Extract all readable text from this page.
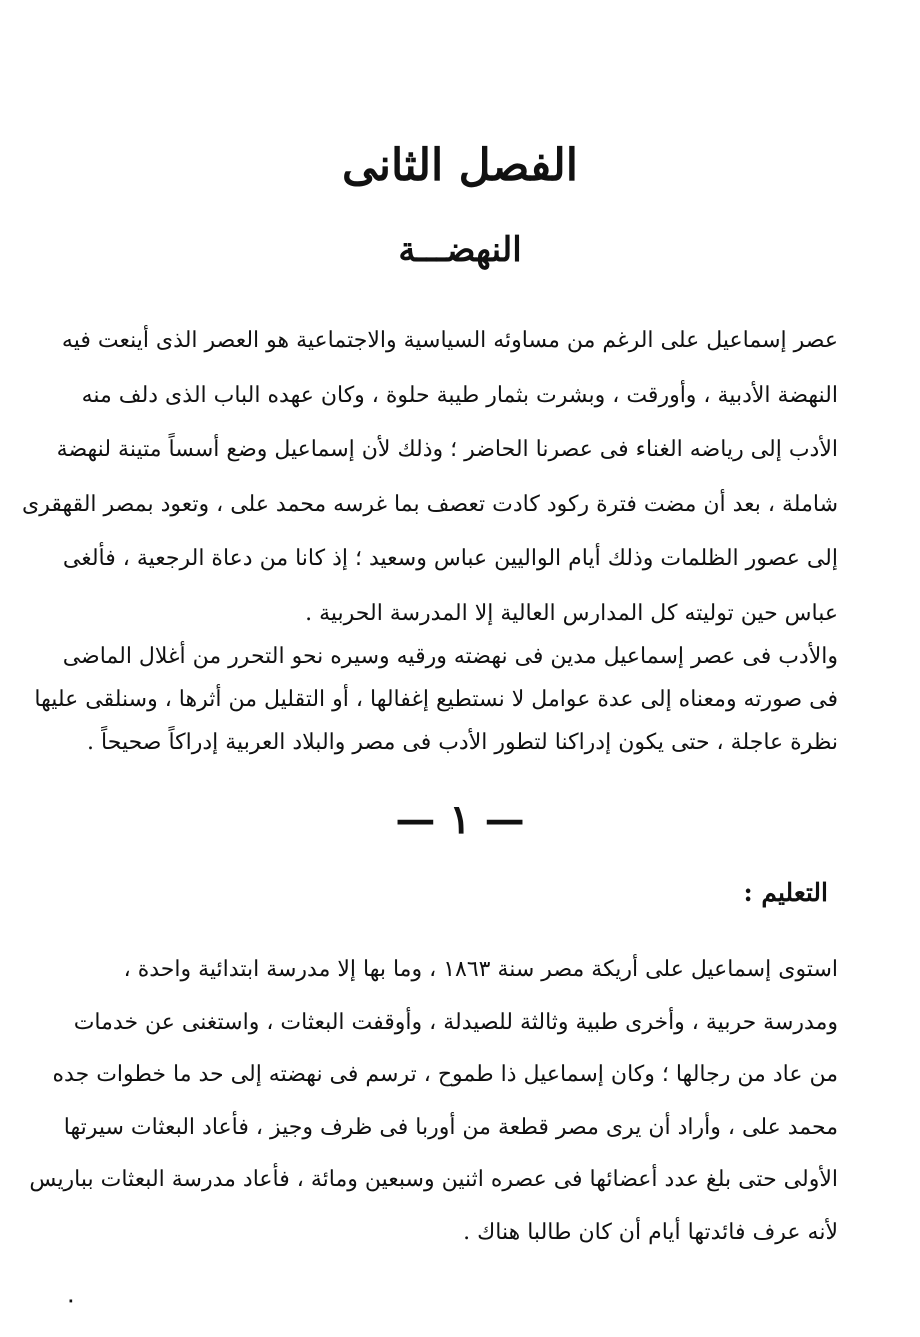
الفصل الثانى
النهضـــة

عصر إسماعيل على الرغم من مساوئه السياسية والاجتماعية هو العصر الذى أينعت فيه
النهضة الأدبية ، وأورقت ، وبشرت بثمار طيبة حلوة ، وكان عهده الباب الذى دلف منه
الأدب إلى رياضه الغناء فى عصرنا الحاضر ؛ وذلك لأن إسماعيل وضع أسساً متينة لنهضة
شاملة ، بعد أن مضت فترة ركود كادت تعصف بما غرسه محمد على ، وتعود بمصر القهقرى
إلى عصور الظلمات وذلك أيام الواليين عباس وسعيد ؛ إذ كانا من دعاة الرجعية ، فألغى
عباس حين توليته كل المدارس العالية إلا المدرسة الحربية .

والأدب فى عصر إسماعيل مدين فى نهضته ورقيه وسيره نحو التحرر من أغلال الماضى
فى صورته ومعناه إلى عدة عوامل لا نستطيع إغفالها ، أو التقليل من أثرها ، وسنلقى عليها
نظرة عاجلة ، حتى يكون إدراكنا لتطور الأدب فى مصر والبلاد العربية إدراكاً صحيحاً .

— ١ —
التعليم :

استوى إسماعيل على أريكة مصر سنة ١٨٦٣ ، وما بها إلا مدرسة ابتدائية واحدة ،
ومدرسة حربية ، وأخرى طبية وثالثة للصيدلة ، وأوقفت البعثات ، واستغنى عن خدمات
من عاد من رجالها ؛ وكان إسماعيل ذا طموح ، ترسم فى نهضته إلى حد ما خطوات جده
محمد على ، وأراد أن يرى مصر قطعة من أوربا فى ظرف وجيز ، فأعاد البعثات سيرتها
الأولى حتى بلغ عدد أعضائها فى عصره اثنين وسبعين ومائة ، فأعاد مدرسة البعثات بباريس
لأنه عرف فائدتها أيام أن كان طالبا هناك .

٠
